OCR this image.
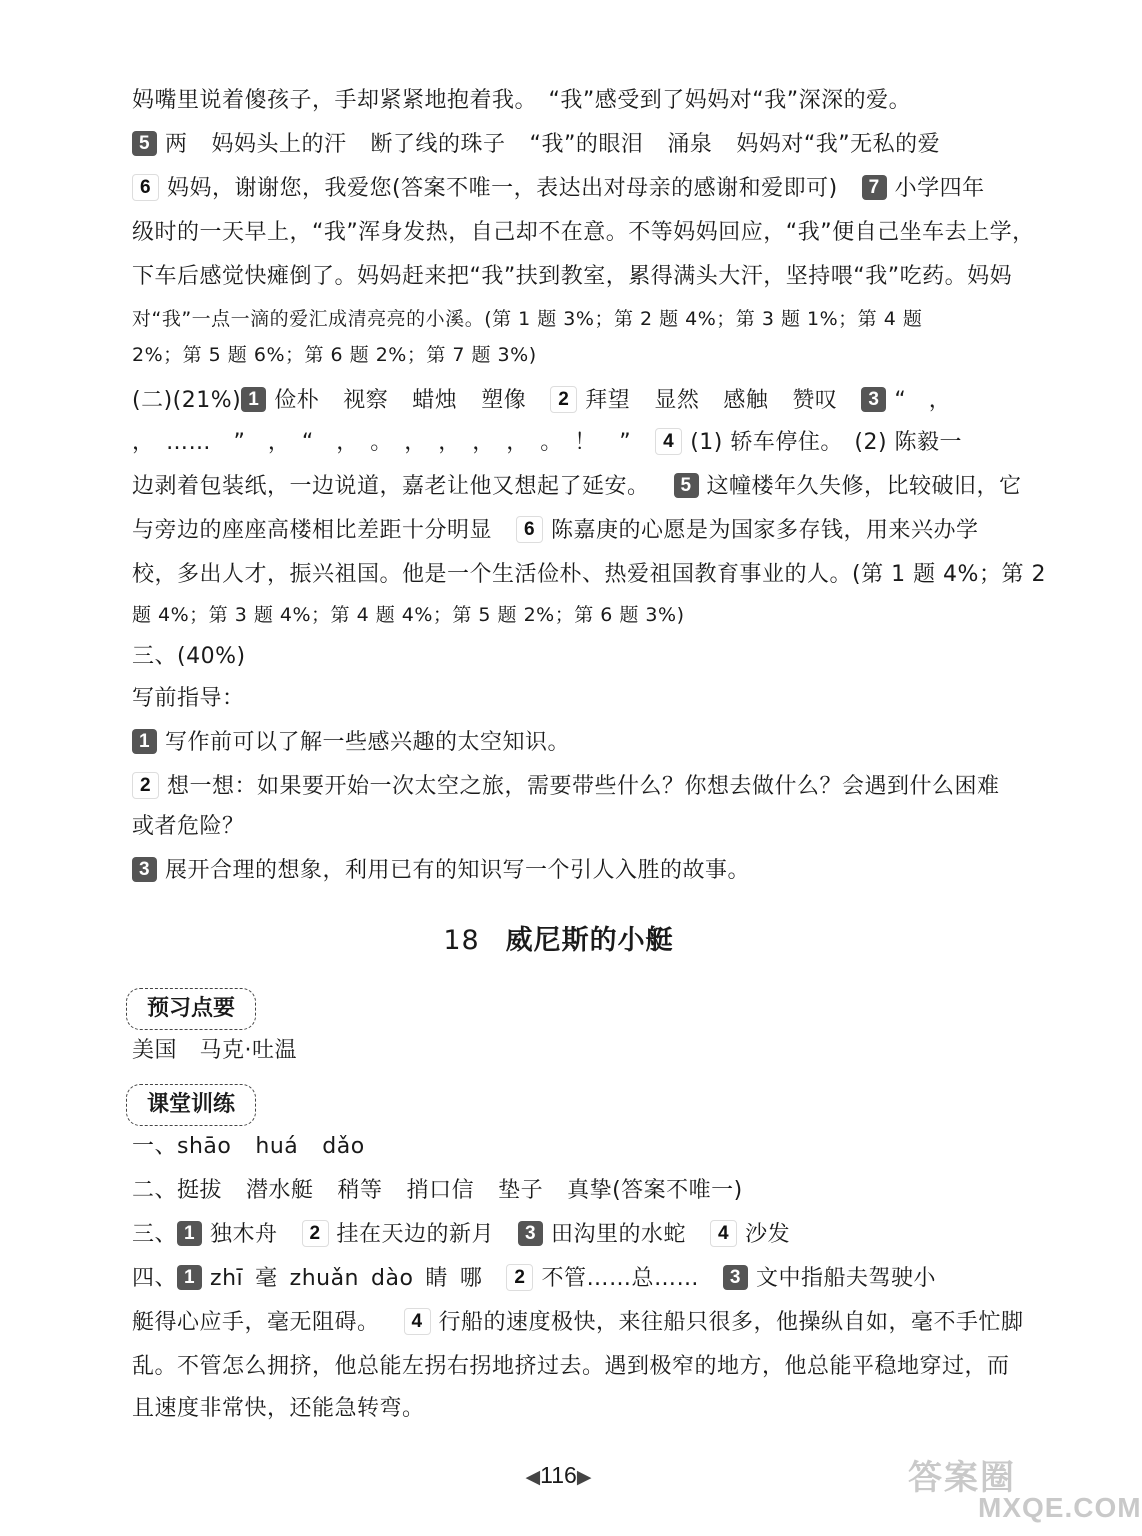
妈嘴里说着傻孩子，手却紧紧地抱着我。　“我”感受到了妈妈对“我”深深的爱。
5 两 妈妈头上的汗 断了线的珠子 “我”的眼泪 涌泉 妈妈对“我”无私的爱
6 妈妈，谢谢您，我爱您(答案不唯一，表达出对母亲的感谢和爱即可) 7 小学四年
级时的一天早上，“我”浑身发热，自己却不在意。不等妈妈回应，“我”便自己坐车去上学，
下车后感觉快瘫倒了。妈妈赶来把“我”扶到教室，累得满头大汗，坚持喂“我”吃药。妈妈
对“我”一点一滴的爱汇成清亮亮的小溪。(第 1 题 3%；第 2 题 4%；第 3 题 1%；第 4 题
2%；第 5 题 6%；第 6 题 2%；第 7 题 3%)
(二)(21%) 1 俭朴 视察 蜡烛 塑像 2 拜望 显然 感触 赞叹 3 “　，
，　……　”　，　“　，　。　，　，　，　，　。　！　” 4 (1) 轿车停住。　(2) 陈毅一
边剥着包装纸，一边说道，嘉老让他又想起了延安。 5 这幢楼年久失修，比较破旧，它
与旁边的座座高楼相比差距十分明显 6 陈嘉庚的心愿是为国家多存钱，用来兴办学
校，多出人才，振兴祖国。他是一个生活俭朴、热爱祖国教育事业的人。(第 1 题 4%；第 2
题 4%；第 3 题 4%；第 4 题 4%；第 5 题 2%；第 6 题 3%)
三、(40%)
写前指导：
1 写作前可以了解一些感兴趣的太空知识。
2 想一想：如果要开始一次太空之旅，需要带些什么？你想去做什么？会遇到什么困难
或者危险？
3 展开合理的想象，利用已有的知识写一个引人入胜的故事。
18 威尼斯的小艇
预习点要
美国　马克·吐温
课堂训练
一、shāo huá dǎo
二、挺拔 潜水艇 稍等 捎口信 垫子 真挚(答案不唯一)
三、 1 独木舟 2 挂在天边的新月 3 田沟里的水蛇 4 沙发
四、 1 zhī 毫 zhuǎn dào 睛 哪 2 不管……总…… 3 文中指船夫驾驶小
艇得心应手，毫无阻碍。 4 行船的速度极快，来往船只很多，他操纵自如，毫不手忙脚
乱。不管怎么拥挤，他总能左拐右拐地挤过去。遇到极窄的地方，他总能平稳地穿过，而
且速度非常快，还能急转弯。
◀116▶	答案圈
MXQE.COM
